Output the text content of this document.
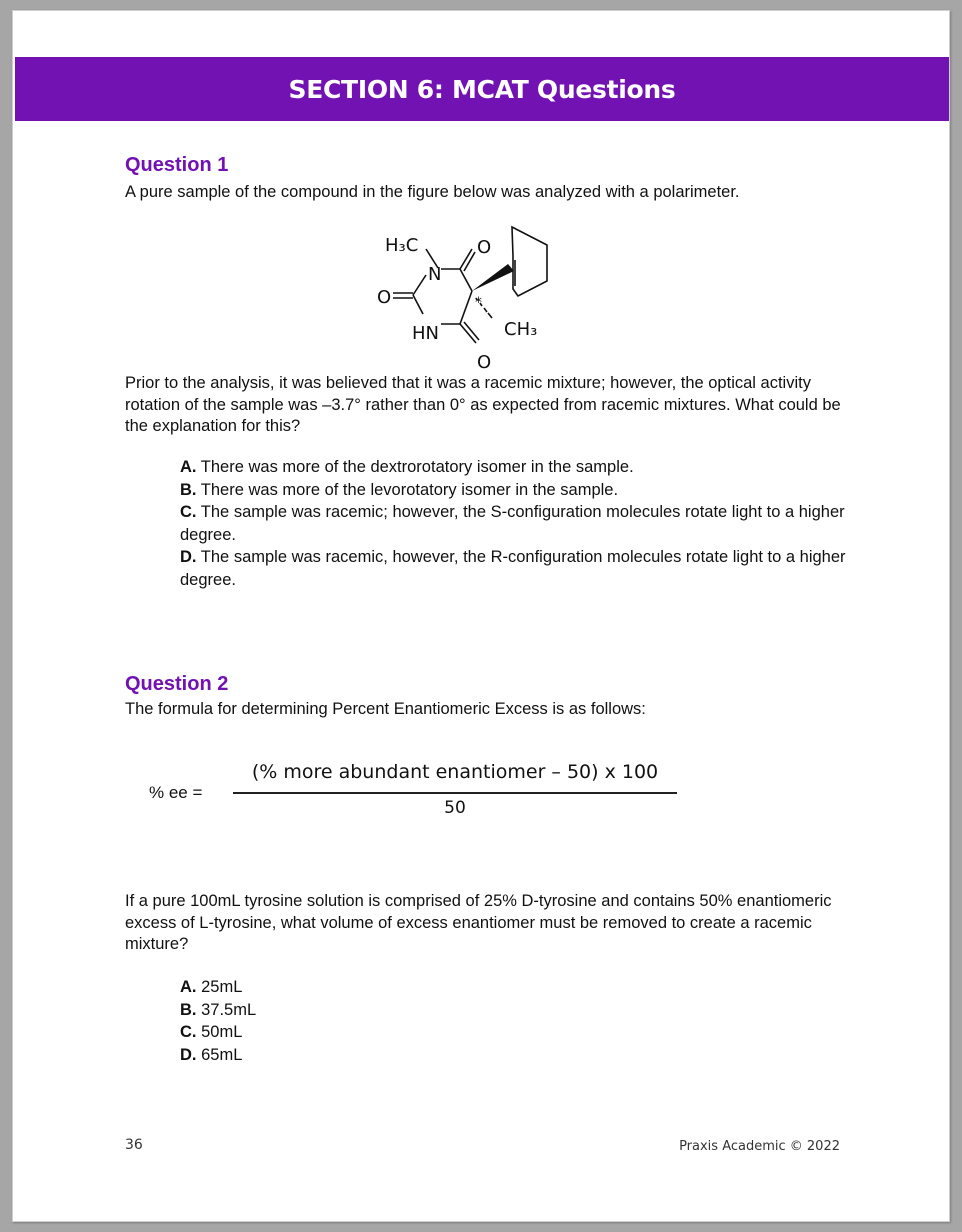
SECTION 6: MCAT Questions
Question 1

A pure sample of the compound in the figure below was analyzed with a polarimeter.

H₃C
N
O
O
HN
O
*
CH₃

Prior to the analysis, it was believed that it was a racemic mixture; however, the optical activity rotation of the sample was –3.7° rather than 0° as expected from racemic mixtures. What could be the explanation for this?

A. There was more of the dextrorotatory isomer in the sample.
B. There was more of the levorotatory isomer in the sample.
C. The sample was racemic; however, the S-configuration molecules rotate light to a higher degree.
D. The sample was racemic, however, the R-configuration molecules rotate light to a higher degree.
Question 2

The formula for determining Percent Enantiomeric Excess is as follows:

% ee =
(% more abundant enantiomer – 50) x 100
50

If a pure 100mL tyrosine solution is comprised of 25% D-tyrosine and contains 50% enantiomeric excess of L-tyrosine, what volume of excess enantiomer must be removed to create a racemic mixture?

A. 25mL
B. 37.5mL
C. 50mL
D. 65mL
36	Praxis Academic © 2022
